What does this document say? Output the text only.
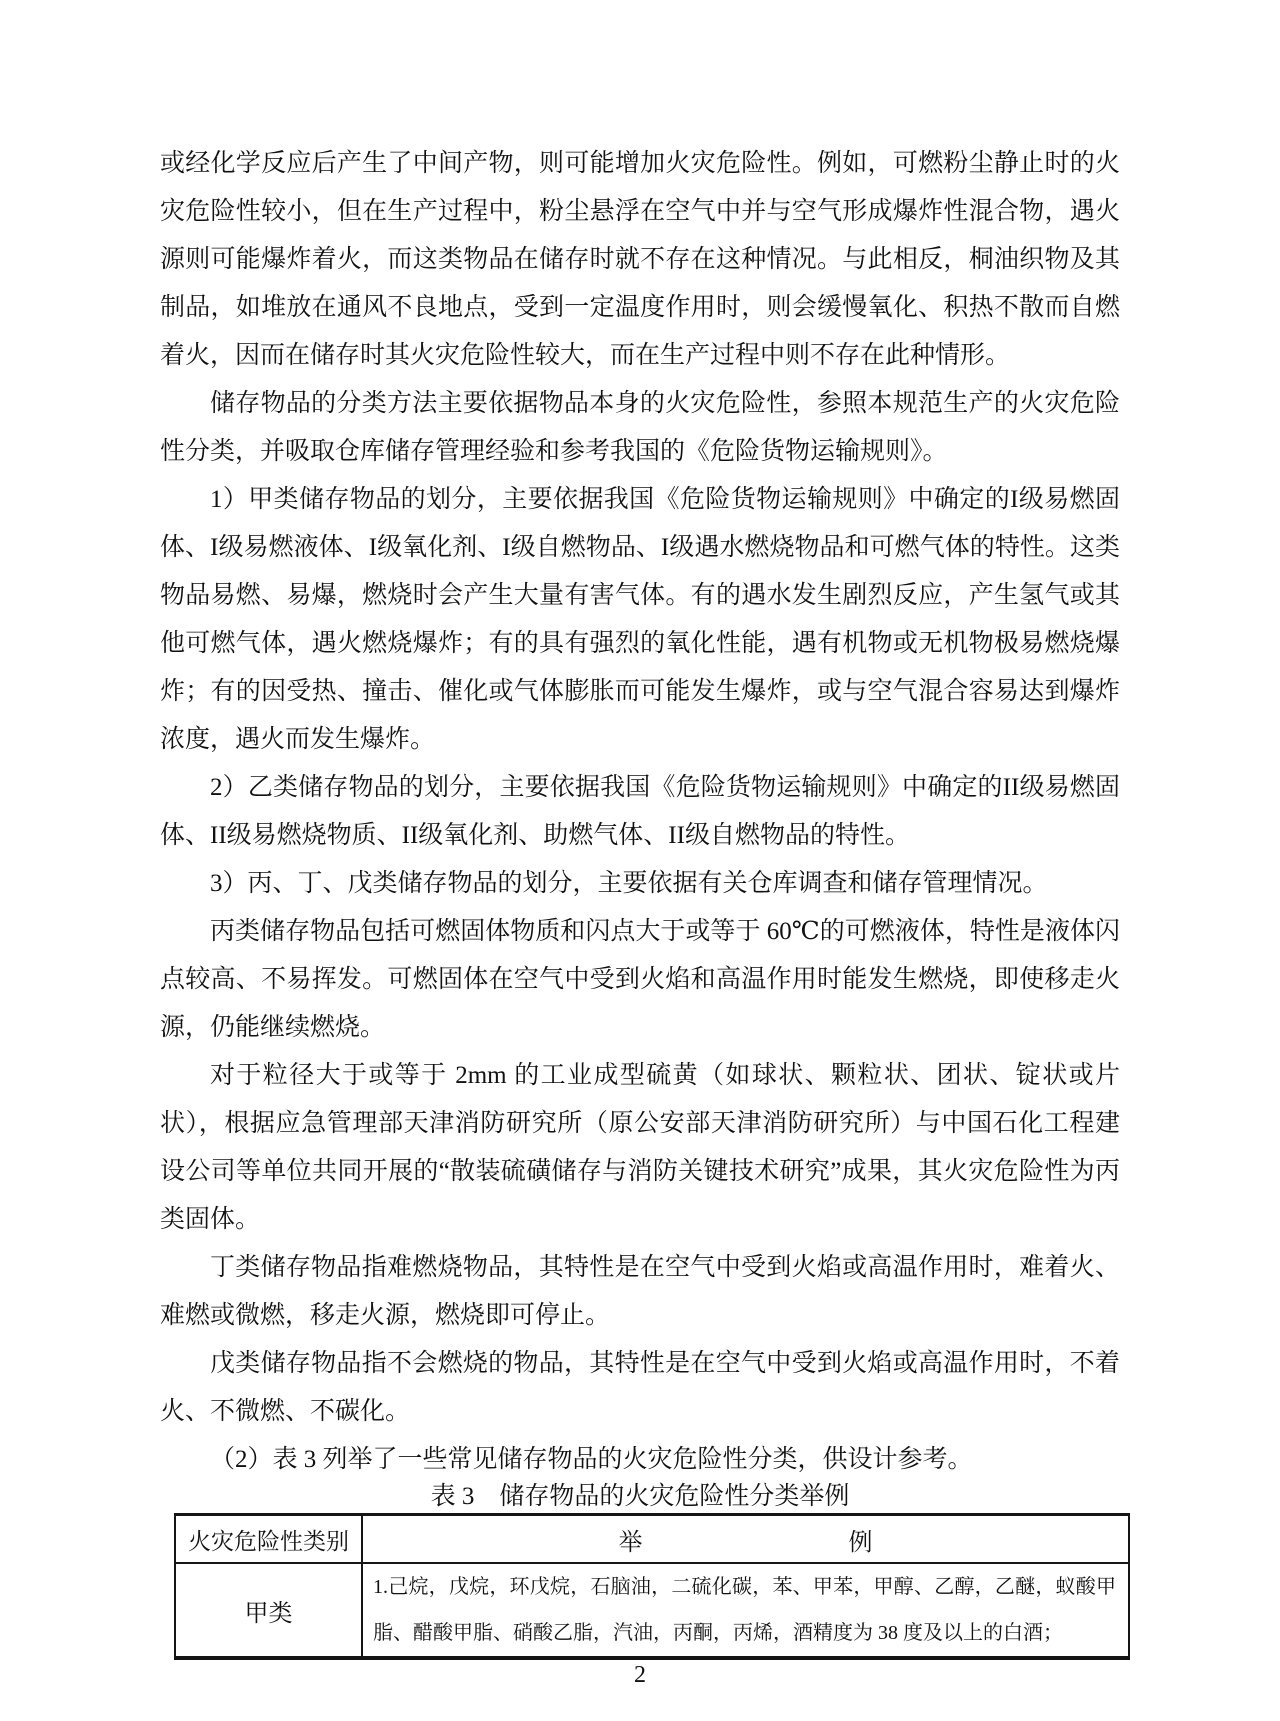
或经化学反应后产生了中间产物，则可能增加火灾危险性。例如，可燃粉尘静止时的火灾危险性较小，但在生产过程中，粉尘悬浮在空气中并与空气形成爆炸性混合物，遇火源则可能爆炸着火，而这类物品在储存时就不存在这种情况。与此相反，桐油织物及其制品，如堆放在通风不良地点，受到一定温度作用时，则会缓慢氧化、积热不散而自燃着火，因而在储存时其火灾危险性较大，而在生产过程中则不存在此种情形。

储存物品的分类方法主要依据物品本身的火灾危险性，参照本规范生产的火灾危险性分类，并吸取仓库储存管理经验和参考我国的《危险货物运输规则》。

1）甲类储存物品的划分，主要依据我国《危险货物运输规则》中确定的I级易燃固体、I级易燃液体、I级氧化剂、I级自燃物品、I级遇水燃烧物品和可燃气体的特性。这类物品易燃、易爆，燃烧时会产生大量有害气体。有的遇水发生剧烈反应，产生氢气或其他可燃气体，遇火燃烧爆炸；有的具有强烈的氧化性能，遇有机物或无机物极易燃烧爆炸；有的因受热、撞击、催化或气体膨胀而可能发生爆炸，或与空气混合容易达到爆炸浓度，遇火而发生爆炸。

2）乙类储存物品的划分，主要依据我国《危险货物运输规则》中确定的II级易燃固体、II级易燃烧物质、II级氧化剂、助燃气体、II级自燃物品的特性。

3）丙、丁、戊类储存物品的划分，主要依据有关仓库调查和储存管理情况。

丙类储存物品包括可燃固体物质和闪点大于或等于 60℃的可燃液体，特性是液体闪点较高、不易挥发。可燃固体在空气中受到火焰和高温作用时能发生燃烧，即使移走火源，仍能继续燃烧。

对于粒径大于或等于 2mm 的工业成型硫黄（如球状、颗粒状、团状、锭状或片状），根据应急管理部天津消防研究所（原公安部天津消防研究所）与中国石化工程建设公司等单位共同开展的“散装硫磺储存与消防关键技术研究”成果，其火灾危险性为丙类固体。

丁类储存物品指难燃烧物品，其特性是在空气中受到火焰或高温作用时，难着火、难燃或微燃，移走火源，燃烧即可停止。

戊类储存物品指不会燃烧的物品，其特性是在空气中受到火焰或高温作用时，不着火、不微燃、不碳化。

（2）表 3 列举了一些常见储存物品的火灾危险性分类，供设计参考。

表 3　储存物品的火灾危险性分类举例

火灾危险性类别	举 例

甲类	1.己烷，戊烷，环戊烷，石脑油，二硫化碳，苯、甲苯，甲醇、乙醇，乙醚，蚁酸甲脂、醋酸甲脂、硝酸乙脂，汽油，丙酮，丙烯，酒精度为 38 度及以上的白酒；

2
